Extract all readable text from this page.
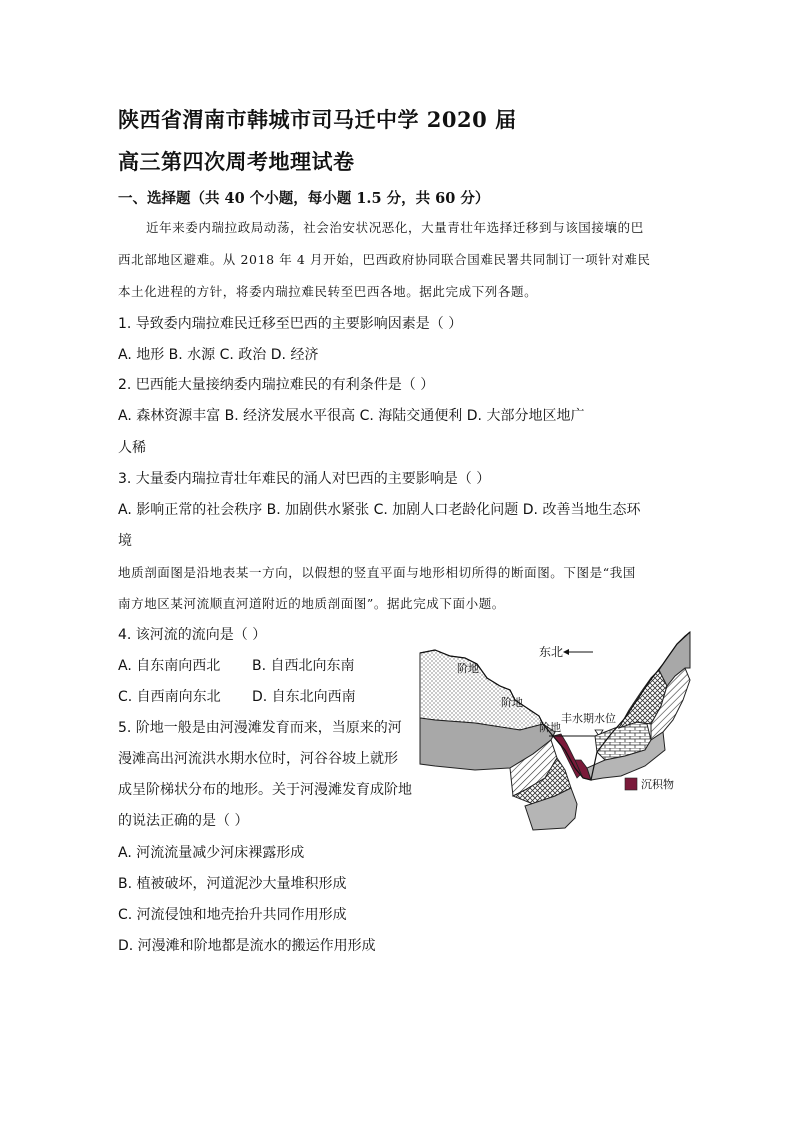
陕西省渭南市韩城市司马迁中学 2020 届
高三第四次周考地理试卷
一、选择题（共 40 个小题，每小题 1.5 分，共 60 分）
近年来委内瑞拉政局动荡，社会治安状况恶化，大量青壮年选择迁移到与该国接壤的巴
西北部地区避难。从 2018 年 4 月开始，巴西政府协同联合国难民署共同制订一项针对难民
本土化进程的方针，将委内瑞拉难民转至巴西各地。据此完成下列各题。
1. 导致委内瑞拉难民迁移至巴西的主要影响因素是（ ）
A. 地形 B. 水源 C. 政治 D. 经济
2. 巴西能大量接纳委内瑞拉难民的有利条件是（ ）
A. 森林资源丰富 B. 经济发展水平很高 C. 海陆交通便利 D. 大部分地区地广
人稀
3. 大量委内瑞拉青壮年难民的涌人对巴西的主要影响是（ ）
A. 影响正常的社会秩序 B. 加剧供水紧张 C. 加剧人口老龄化问题 D. 改善当地生态环
境
地质剖面图是沿地表某一方向，以假想的竖直平面与地形相切所得的断面图。下图是“我国
南方地区某河流顺直河道附近的地质剖面图”。据此完成下面小题。
4. 该河流的流向是（ ）
A. 自东南向西北 B. 自西北向东南
C. 自西南向东北 D. 自东北向西南
5. 阶地一般是由河漫滩发育而来，当原来的河
漫滩高出河流洪水期水位时，河谷谷坡上就形
成呈阶梯状分布的地形。关于河漫滩发育成阶地
的说法正确的是（ ）
A. 河流流量减少河床裸露形成
B. 植被破坏，河道泥沙大量堆积形成
C. 河流侵蚀和地壳抬升共同作用形成
D. 河漫滩和阶地都是流水的搬运作用形成
东北
阶地
阶地
阶地
丰水期水位
沉积物
